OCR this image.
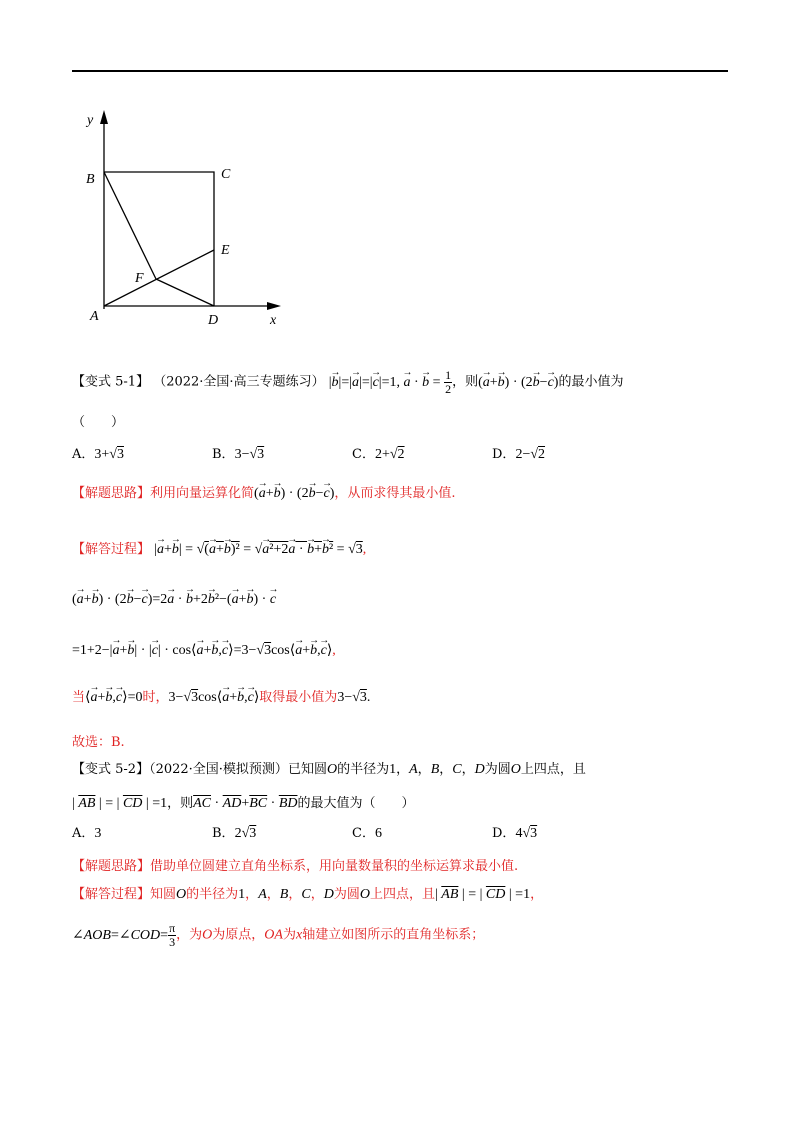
y
B	C
E
F
A	D	x
【变式 5-1】 （2022·全国·高三专题练习） |→ b|=|→ a|=|→ c|=1, → a · → $b = \frac{1}{2}$ ，则(→ a+→ b) · (2→ b−→ c)的最小值为
（　　）
A．3+√3	B．3−√3	C．2+√2	D．2−√2
【解题思路】利用向量运算化简(→ a+→ b) · (2→ b−→ c)，从而求得其最小值.
【解答过程】 |→ a+→ b| = √(→ a+→ b)² = √→ a²+2→ a · → b+→ b² = √3,
(→ a+→ b) · (2→ b−→ c)=2→ a · → b+2→ b²−(→ a+→ b) · → c
=1+2−|→ a+→ b| · |→ c| · cos⟨→ a+→ b,→ c⟩=3−√3cos⟨→ a+→ b,→ c⟩,
当⟨→ a+→ b,→ c⟩=0时，3−√3cos⟨→ a+→ b,→ c⟩取得最小值为3−√3.
故选：B.
【变式 5-2】（2022·全国·模拟预测）已知圆O的半径为1，A，B，C，D为圆O上四点，且
| $\overline{AB}$ | = | $\overline{CD}$ | =1，则$\overline{AC} \cdot \overline{AD}+\overline{BC} \cdot \overline{BD}$的最大值为（　　）
A．3	B．2√3	C．6	D．4√3
【解题思路】借助单位圆建立直角坐标系，用向量数量积的坐标运算求最小值.
【解答过程】知圆O的半径为1，A，B，C，D为圆O上四点，且| $\overline{AB}$ | = | $\overline{CD}$ | =1，
∠AOB=∠COD= $\frac{\pi}{3}$ ，为O为原点，OA为x轴建立如图所示的直角坐标系；
